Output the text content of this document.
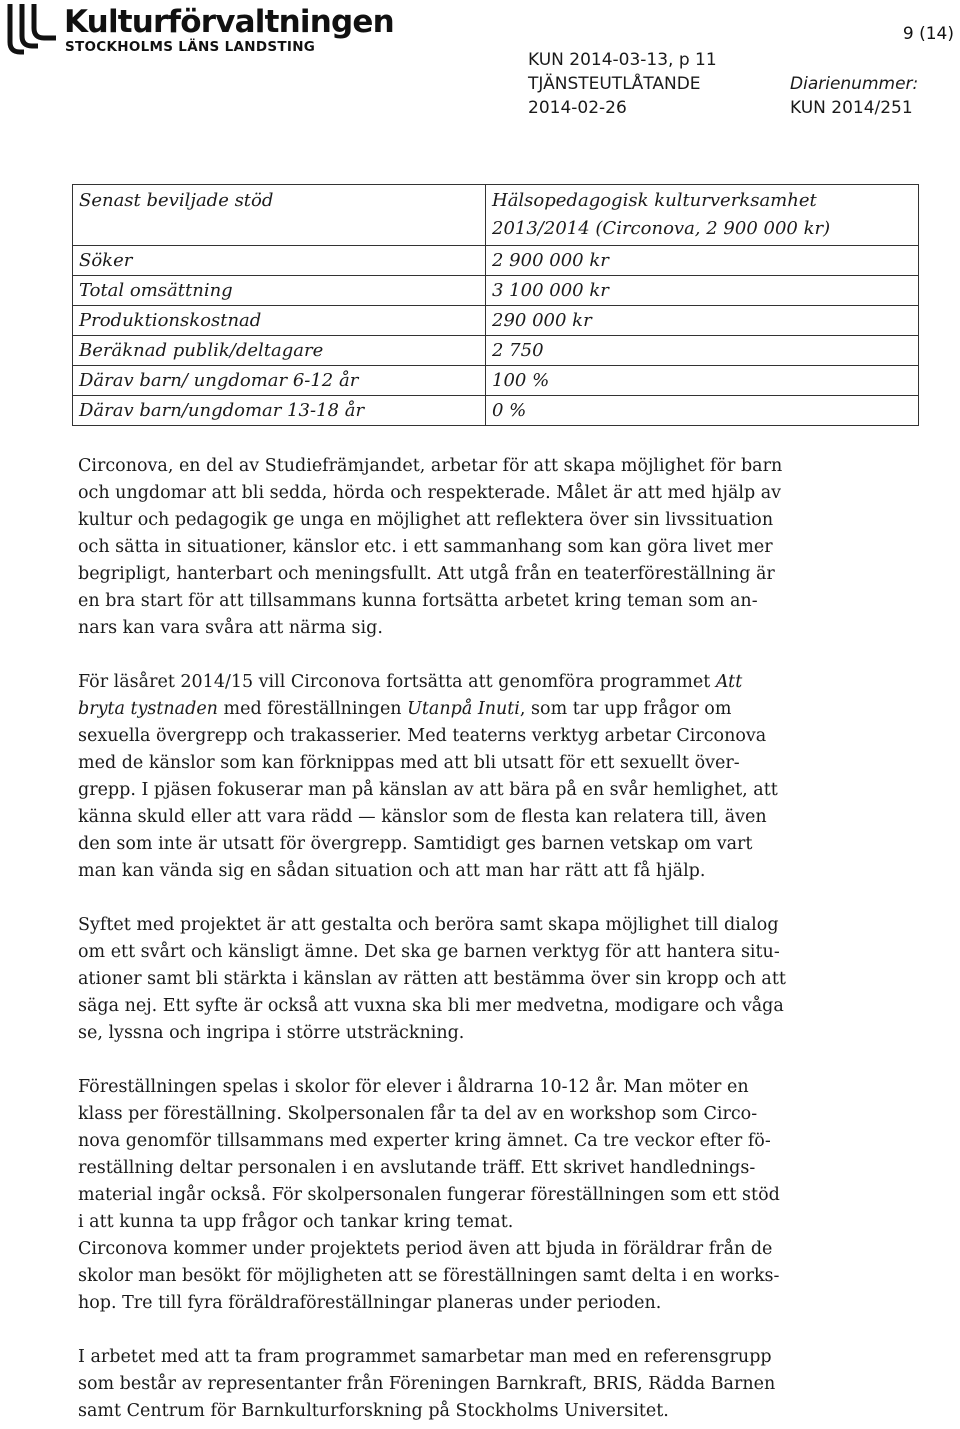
Kulturförvaltningen
STOCKHOLMS LÄNS LANDSTING
9 (14)
KUN 2014-03-13, p 11
TJÄNSTEUTLÅTANDE	Diarienummer:
2014-02-26	KUN 2014/251
Senast beviljade stöd	Hälsopedagogisk kulturverksamhet
2013/2014 (Circonova, 2 900 000 kr)

Söker	2 900 000 kr
Total omsättning	3 100 000 kr
Produktionskostnad	290 000 kr
Beräknad publik/deltagare	2 750
Därav barn/ ungdomar 6-12 år	100 %
Därav barn/ungdomar 13-18 år	0 %

Circonova, en del av Studiefrämjandet, arbetar för att skapa möjlighet för barn

och ungdomar att bli sedda, hörda och respekterade. Målet är att med hjälp av

kultur och pedagogik ge unga en möjlighet att reflektera över sin livssituation

och sätta in situationer, känslor etc. i ett sammanhang som kan göra livet mer

begripligt, hanterbart och meningsfullt. Att utgå från en teaterföreställning är

en bra start för att tillsammans kunna fortsätta arbetet kring teman som an-

nars kan vara svåra att närma sig.

För läsåret 2014/15 vill Circonova fortsätta att genomföra programmet Att

bryta tystnaden med föreställningen Utanpå Inuti, som tar upp frågor om

sexuella övergrepp och trakasserier. Med teaterns verktyg arbetar Circonova

med de känslor som kan förknippas med att bli utsatt för ett sexuellt över-

grepp. I pjäsen fokuserar man på känslan av att bära på en svår hemlighet, att

känna skuld eller att vara rädd — känslor som de flesta kan relatera till, även

den som inte är utsatt för övergrepp. Samtidigt ges barnen vetskap om vart

man kan vända sig en sådan situation och att man har rätt att få hjälp.

Syftet med projektet är att gestalta och beröra samt skapa möjlighet till dialog

om ett svårt och känsligt ämne. Det ska ge barnen verktyg för att hantera situ-

ationer samt bli stärkta i känslan av rätten att bestämma över sin kropp och att

säga nej. Ett syfte är också att vuxna ska bli mer medvetna, modigare och våga

se, lyssna och ingripa i större utsträckning.

Föreställningen spelas i skolor för elever i åldrarna 10-12 år. Man möter en

klass per föreställning. Skolpersonalen får ta del av en workshop som Circo-

nova genomför tillsammans med experter kring ämnet. Ca tre veckor efter fö-

reställning deltar personalen i en avslutande träff. Ett skrivet handlednings-

material ingår också. För skolpersonalen fungerar föreställningen som ett stöd

i att kunna ta upp frågor och tankar kring temat.

Circonova kommer under projektets period även att bjuda in föräldrar från de

skolor man besökt för möjligheten att se föreställningen samt delta i en works-

hop. Tre till fyra föräldraföreställningar planeras under perioden.

I arbetet med att ta fram programmet samarbetar man med en referensgrupp

som består av representanter från Föreningen Barnkraft, BRIS, Rädda Barnen

samt Centrum för Barnkulturforskning på Stockholms Universitet.
